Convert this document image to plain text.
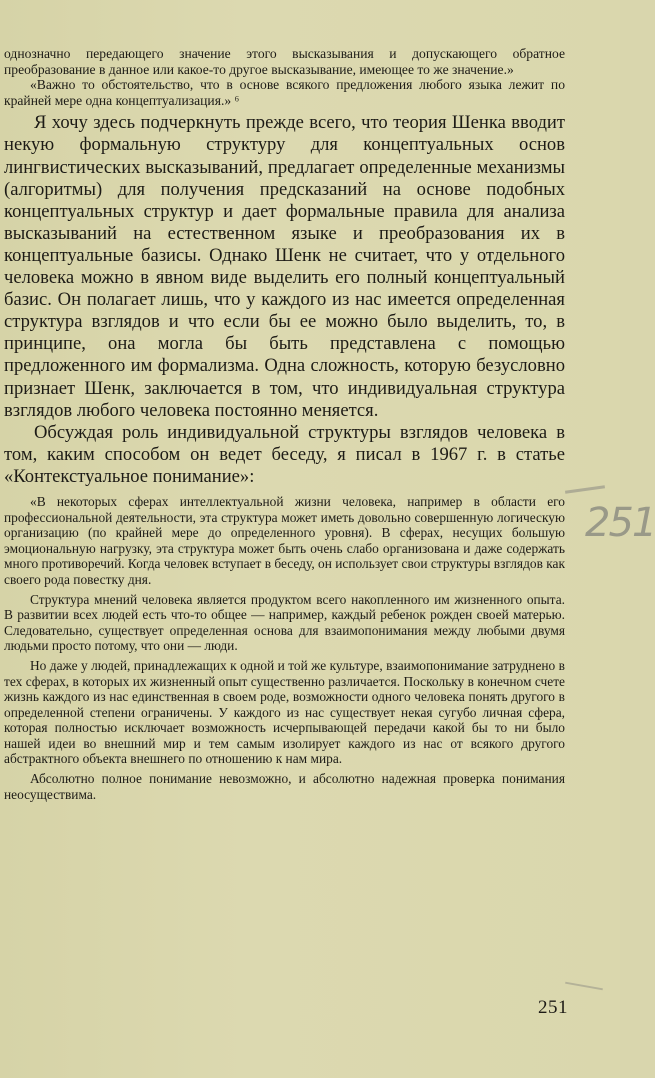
однозначно передающего значение этого высказывания и допускающего обратное преобразование в данное или какое-то другое высказывание, имеющее то же значение.»

«Важно то обстоятельство, что в основе всякого предложения любого языка лежит по крайней мере одна концептуализация.» ⁶

Я хочу здесь подчеркнуть прежде всего, что теория Шенка вводит некую формальную структуру для концептуальных основ лингвистических высказываний, предлагает определенные механизмы (алгоритмы) для получения предсказаний на основе подобных концептуальных структур и дает формальные правила для анализа высказываний на естественном языке и преобразования их в концептуальные базисы. Однако Шенк не считает, что у отдельного человека можно в явном виде выделить его полный концептуальный базис. Он полагает лишь, что у каждого из нас имеется определенная структура взглядов и что если бы ее можно было выделить, то, в принципе, она могла бы быть представлена с помощью предложенного им формализма. Одна сложность, которую безусловно признает Шенк, заключается в том, что индивидуальная структура взглядов любого человека постоянно меняется.

Обсуждая роль индивидуальной структуры взглядов человека в том, каким способом он ведет беседу, я писал в 1967 г. в статье «Контекстуальное понимание»:

«В некоторых сферах интеллектуальной жизни человека, например в области его профессиональной деятельности, эта структура может иметь довольно совершенную логическую организацию (по крайней мере до определенного уровня). В сферах, несущих большую эмоциональную нагрузку, эта структура может быть очень слабо организована и даже содержать много противоречий. Когда человек вступает в беседу, он использует свои структуры взглядов как своего рода повестку дня.

Структура мнений человека является продуктом всего накопленного им жизненного опыта. В развитии всех людей есть что-то общее — например, каждый ребенок рожден своей матерью. Следовательно, существует определенная основа для взаимопонимания между любыми двумя людьми просто потому, что они — люди.

Но даже у людей, принадлежащих к одной и той же культуре, взаимопонимание затруднено в тех сферах, в которых их жизненный опыт существенно различается. Поскольку в конечном счете жизнь каждого из нас единственная в своем роде, возможности одного человека понять другого в определенной степени ограничены. У каждого из нас существует некая сугубо личная сфера, которая полностью исключает возможность исчерпывающей передачи какой бы то ни было нашей идеи во внешний мир и тем самым изолирует каждого из нас от всякого другого абстрактного объекта внешнего по отношению к нам мира.

Абсолютно полное понимание невозможно, и абсолютно надежная проверка понимания неосуществима.

251
251
